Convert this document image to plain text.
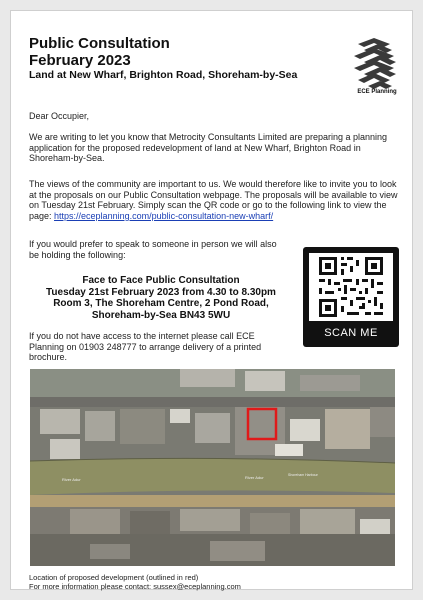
Public Consultation
February 2023
Land at New Wharf, Brighton Road, Shoreham-by-Sea
ECE Planning
Dear Occupier,
We are writing to let you know that Metrocity Consultants Limited are preparing a planning application for the proposed redevelopment of land at New Wharf, Brighton Road in Shoreham-by-Sea.
The views of the community are important to us. We would therefore like to invite you to look at the proposals on our Public Consultation webpage. The proposals will be available to view on Tuesday 21st February. Simply scan the QR code or go to the following link to view the page: https://eceplanning.com/public-consultation-new-wharf/
If you would prefer to speak to someone in person we will also be holding the following:
Face to Face Public Consultation
Tuesday 21st February 2023 from 4.30 to 8.30pm
Room 3, The Shoreham Centre, 2 Pond Road,
Shoreham-by-Sea BN43 5WU
If you do not have access to the internet please call ECE Planning on 01903 248777 to arrange delivery of a printed brochure.
SCAN ME
River Adur	River Adur	Shoreham Harbour
Location of proposed development (outlined in red)
For more information please contact: sussex@eceplanning.com
